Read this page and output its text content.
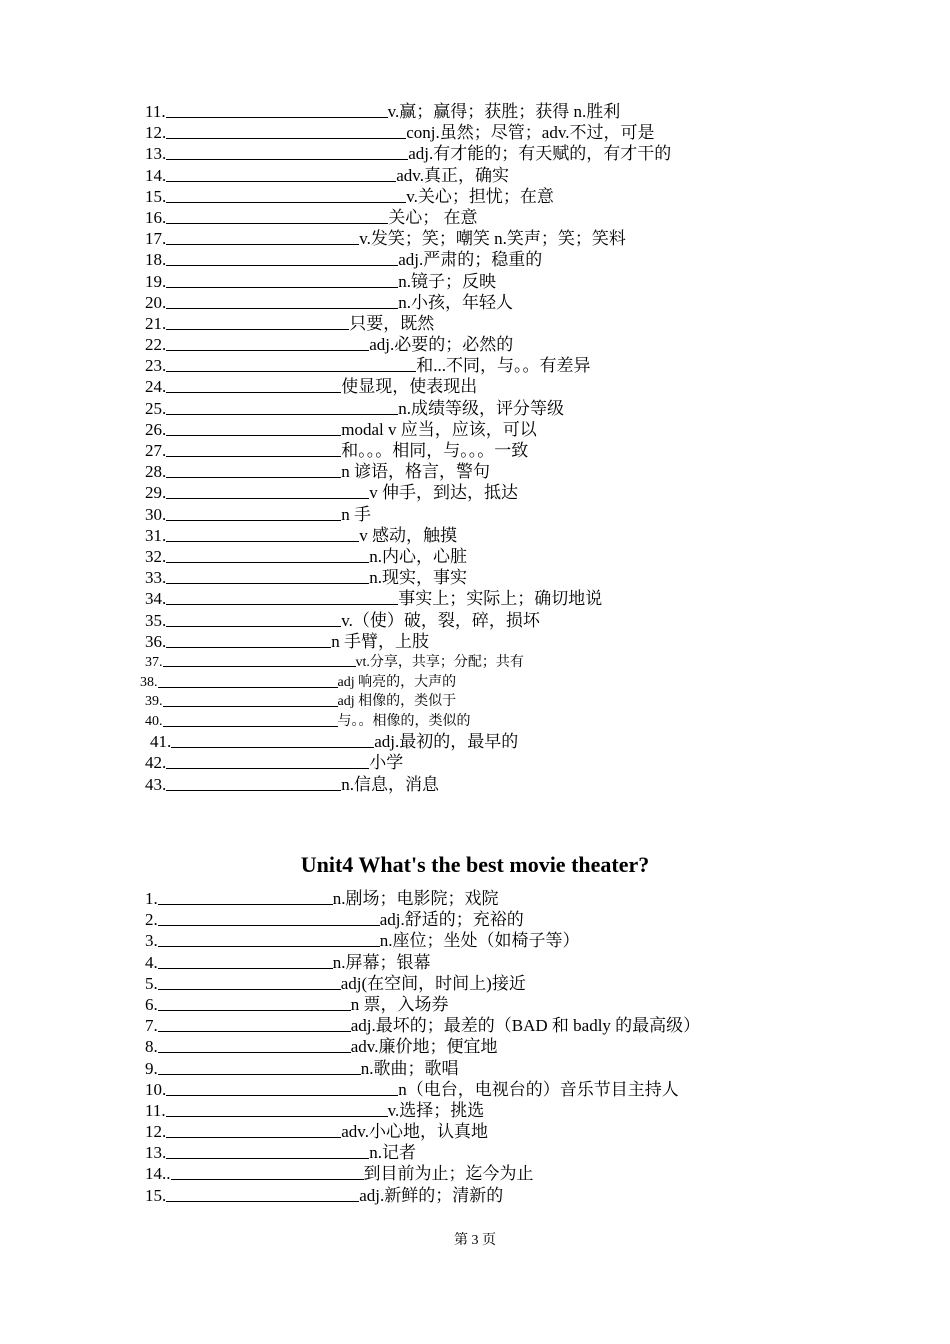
11.	v.赢；赢得；获胜；获得 n.胜利
12.	conj.虽然；尽管；adv.不过，可是
13.	adj.有才能的；有天赋的，有才干的
14.	adv.真正，确实
15.	v.关心；担忧；在意
16.	关心； 在意
17.	v.发笑；笑；嘲笑 n.笑声；笑；笑料
18.	adj.严肃的；稳重的
19.	n.镜子；反映
20.	n.小孩，年轻人
21.	只要，既然
22.	adj.必要的；必然的
23.	和...不同，与。。有差异
24.	使显现，使表现出
25.	n.成绩等级，评分等级
26.	modal v 应当，应该，可以
27.	和。。。相同，与。。。一致
28.	n 谚语，格言，警句
29.	v 伸手，到达，抵达
30.	n 手
31.	v 感动，触摸
32.	n.内心，心脏
33.	n.现实，事实
34.	事实上；实际上；确切地说
35.	v.（使）破，裂，碎，损坏
36.	n 手臂，上肢
37.	vt.分享，共享；分配；共有
38.	adj 响亮的，大声的
39.	adj 相像的，类似于
40.	与。。相像的，类似的
41.	adj.最初的，最早的
42.	小学
43.	n.信息，消息
Unit4 What's the best movie theater?
1.	n.剧场；电影院；戏院
2.	adj.舒适的；充裕的
3.	n.座位；坐处（如椅子等）
4.	n.屏幕；银幕
5.	adj(在空间，时间上)接近
6.	n 票，入场券
7.	adj.最坏的；最差的（BAD 和 badly 的最高级）
8.	adv.廉价地；便宜地
9.	n.歌曲；歌唱
10.	n（电台，电视台的）音乐节目主持人
11.	v.选择；挑选
12.	adv.小心地，认真地
13.	n.记者
14..	到目前为止；迄今为止
15.	adj.新鲜的；清新的
第 3 页
